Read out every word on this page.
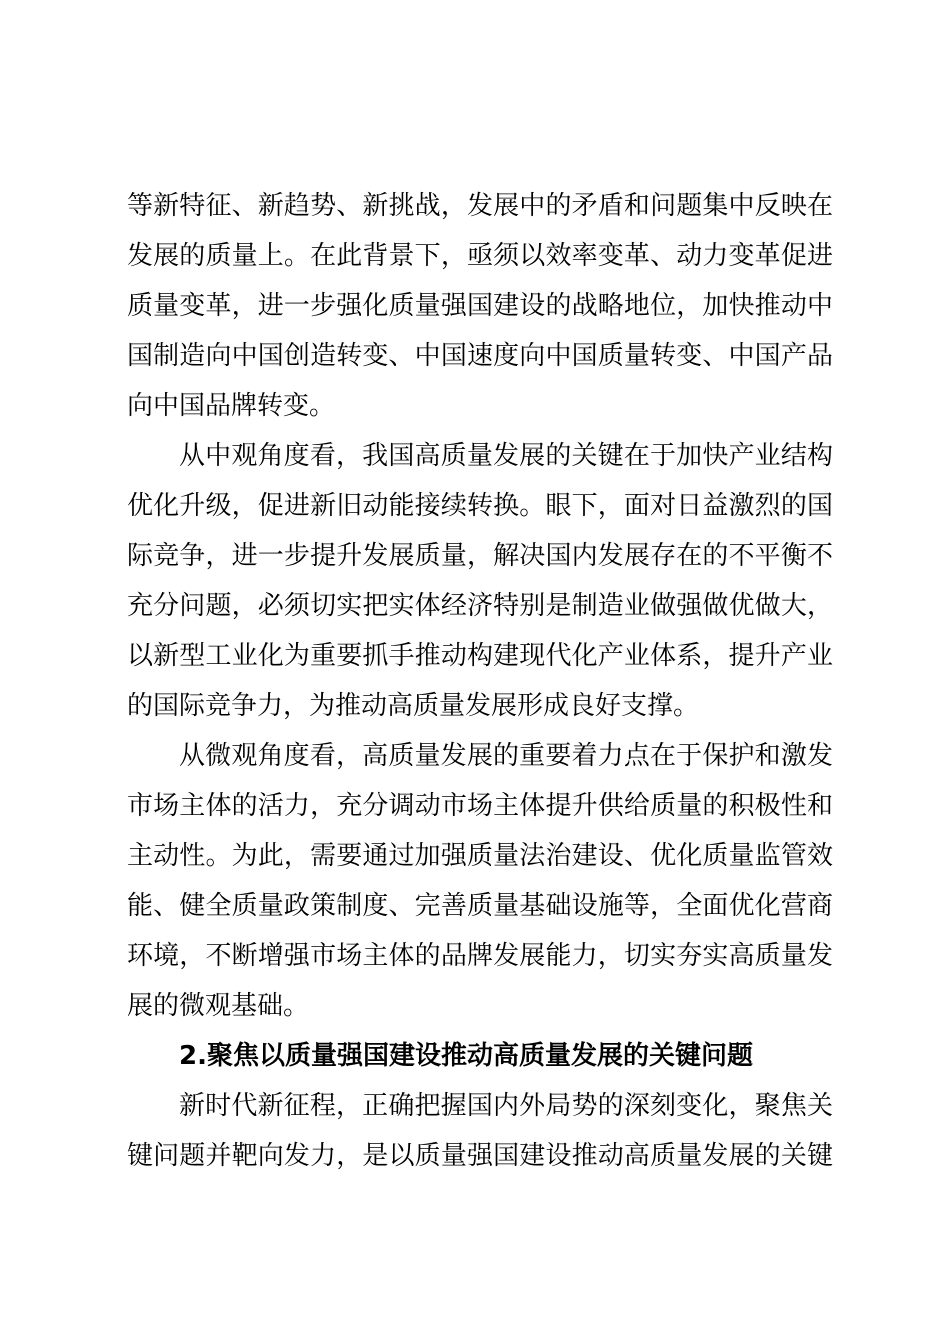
等新特征、新趋势、新挑战，发展中的矛盾和问题集中反映在
发展的质量上。在此背景下，亟须以效率变革、动力变革促进
质量变革，进一步强化质量强国建设的战略地位，加快推动中
国制造向中国创造转变、中国速度向中国质量转变、中国产品
向中国品牌转变。
从中观角度看，我国高质量发展的关键在于加快产业结构
优化升级，促进新旧动能接续转换。眼下，面对日益激烈的国
际竞争，进一步提升发展质量，解决国内发展存在的不平衡不
充分问题，必须切实把实体经济特别是制造业做强做优做大，
以新型工业化为重要抓手推动构建现代化产业体系，提升产业
的国际竞争力，为推动高质量发展形成良好支撑。
从微观角度看，高质量发展的重要着力点在于保护和激发
市场主体的活力，充分调动市场主体提升供给质量的积极性和
主动性。为此，需要通过加强质量法治建设、优化质量监管效
能、健全质量政策制度、完善质量基础设施等，全面优化营商
环境，不断增强市场主体的品牌发展能力，切实夯实高质量发
展的微观基础。
2.聚焦以质量强国建设推动高质量发展的关键问题
新时代新征程，正确把握国内外局势的深刻变化，聚焦关
键问题并靶向发力，是以质量强国建设推动高质量发展的关键
